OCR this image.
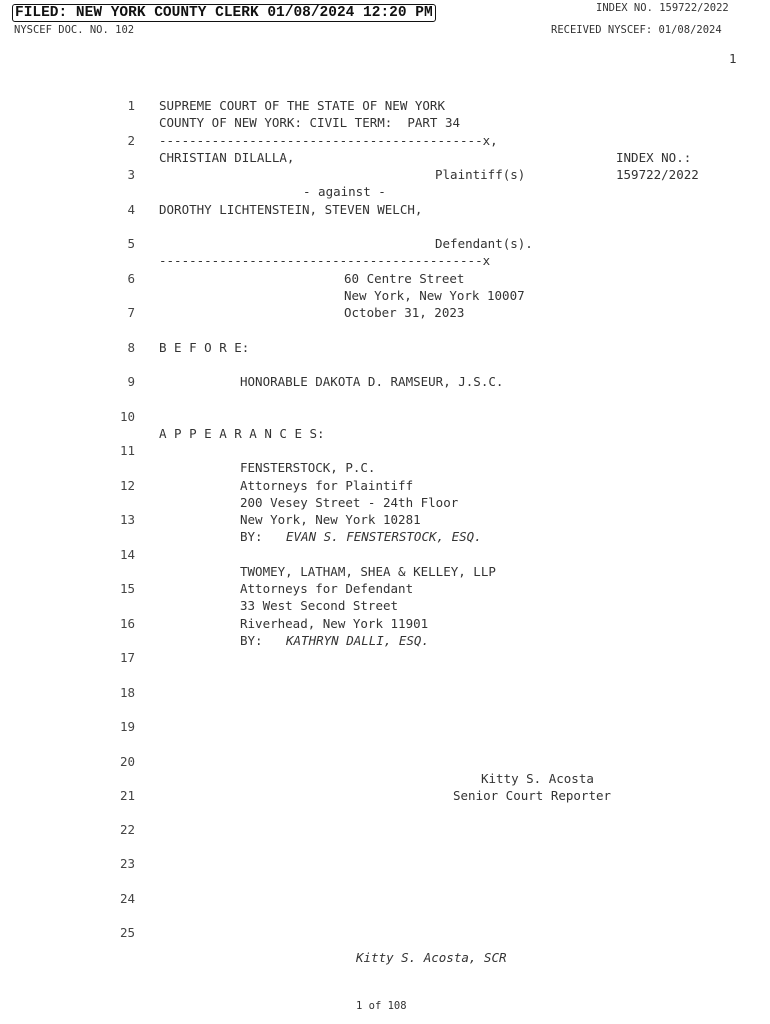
FILED: NEW YORK COUNTY CLERK 01/08/2024 12:20 PM	INDEX NO. 159722/2022
NYSCEF DOC. NO. 102	RECEIVED NYSCEF: 01/08/2024
1
1
2
3
4
5
6
7
8
9
10
11
12
13
14
15
16
17
18
19
20
21
22
23
24
25
SUPREME COURT OF THE STATE OF NEW YORK
COUNTY OF NEW YORK: CIVIL TERM:  PART 34
-------------------------------------------x,
CHRISTIAN DILALLA,	INDEX NO.:
Plaintiff(s)	159722/2022
- against -
DOROTHY LICHTENSTEIN, STEVEN WELCH,
Defendant(s).
-------------------------------------------x
60 Centre Street
New York, New York 10007
October 31, 2023
B E F O R E:
HONORABLE DAKOTA D. RAMSEUR, J.S.C.
A P P E A R A N C E S:
FENSTERSTOCK, P.C.
Attorneys for Plaintiff
200 Vesey Street - 24th Floor
New York, New York 10281
BY: EVAN S. FENSTERSTOCK, ESQ.
TWOMEY, LATHAM, SHEA & KELLEY, LLP
Attorneys for Defendant
33 West Second Street
Riverhead, New York 11901
BY: KATHRYN DALLI, ESQ.
Kitty S. Acosta
Senior Court Reporter
Kitty S. Acosta, SCR
1 of 108
